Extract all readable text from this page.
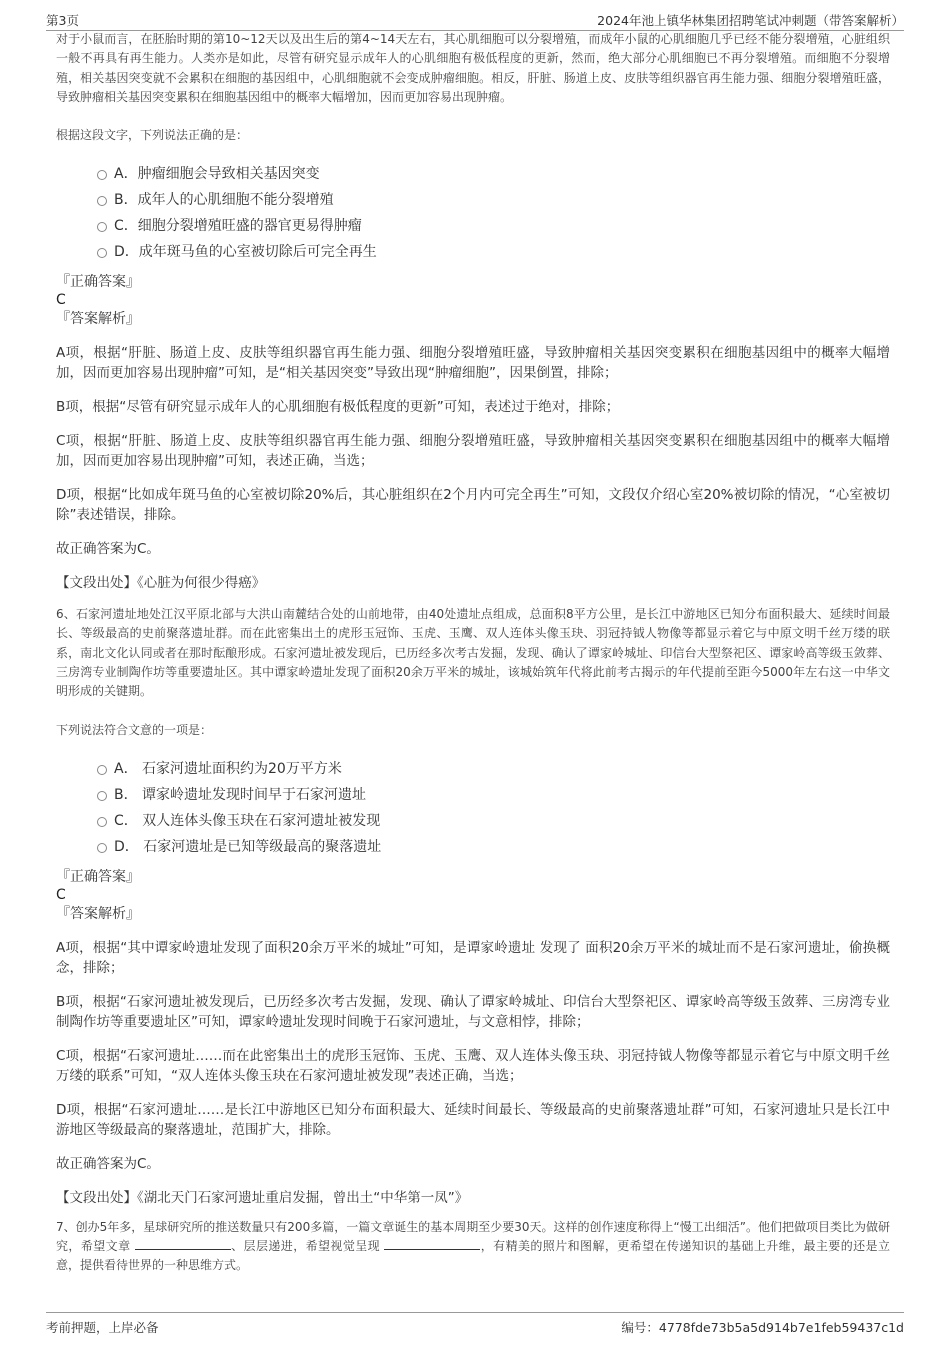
第3页	2024年池上镇华林集团招聘笔试冲刺题（带答案解析）

对于小鼠而言，在胚胎时期的第10~12天以及出生后的第4~14天左右，其心肌细胞可以分裂增殖，而成年小鼠的心肌细胞几乎已经不能分裂增殖，心脏组织一般不再具有再生能力。人类亦是如此，尽管有研究显示成年人的心肌细胞有极低程度的更新，然而，绝大部分心肌细胞已不再分裂增殖。而细胞不分裂增殖，相关基因突变就不会累积在细胞的基因组中，心肌细胞就不会变成肿瘤细胞。相反，肝脏、肠道上皮、皮肤等组织器官再生能力强、细胞分裂增殖旺盛，导致肿瘤相关基因突变累积在细胞基因组中的概率大幅增加，因而更加容易出现肿瘤。

根据这段文字，下列说法正确的是：

A．肿瘤细胞会导致相关基因突变
B．成年人的心肌细胞不能分裂增殖
C．细胞分裂增殖旺盛的器官更易得肿瘤
D．成年斑马鱼的心室被切除后可完全再生
『正确答案』
C
『答案解析』

A项，根据“肝脏、肠道上皮、皮肤等组织器官再生能力强、细胞分裂增殖旺盛，导致肿瘤相关基因突变累积在细胞基因组中的概率大幅增加，因而更加容易出现肿瘤”可知，是“相关基因突变”导致出现“肿瘤细胞”，因果倒置，排除；

B项，根据“尽管有研究显示成年人的心肌细胞有极低程度的更新”可知，表述过于绝对，排除；

C项，根据“肝脏、肠道上皮、皮肤等组织器官再生能力强、细胞分裂增殖旺盛，导致肿瘤相关基因突变累积在细胞基因组中的概率大幅增加，因而更加容易出现肿瘤”可知，表述正确，当选；

D项，根据“比如成年斑马鱼的心室被切除20%后，其心脏组织在2个月内可完全再生”可知，文段仅介绍心室20%被切除的情况，“心室被切除”表述错误，排除。

故正确答案为C。

【文段出处】《心脏为何很少得癌》

6、石家河遗址地处江汉平原北部与大洪山南麓结合处的山前地带，由40处遗址点组成，总面积8平方公里，是长江中游地区已知分布面积最大、延续时间最长、等级最高的史前聚落遗址群。而在此密集出土的虎形玉冠饰、玉虎、玉鹰、双人连体头像玉玦、羽冠持钺人物像等都显示着它与中原文明千丝万缕的联系，南北文化认同或者在那时酝酿形成。石家河遗址被发现后，已历经多次考古发掘，发现、确认了谭家岭城址、印信台大型祭祀区、谭家岭高等级玉敛葬、三房湾专业制陶作坊等重要遗址区。其中谭家岭遗址发现了面积20余万平米的城址，该城始筑年代将此前考古揭示的年代提前至距今5000年左右这一中华文明形成的关键期。

下列说法符合文意的一项是：

A． 石家河遗址面积约为20万平方米
B． 谭家岭遗址发现时间早于石家河遗址
C． 双人连体头像玉玦在石家河遗址被发现
D． 石家河遗址是已知等级最高的聚落遗址
『正确答案』
C
『答案解析』

A项，根据“其中谭家岭遗址发现了面积20余万平米的城址”可知，是谭家岭遗址 发现了 面积20余万平米的城址而不是石家河遗址，偷换概念，排除；

B项，根据“石家河遗址被发现后，已历经多次考古发掘，发现、确认了谭家岭城址、印信台大型祭祀区、谭家岭高等级玉敛葬、三房湾专业制陶作坊等重要遗址区”可知，谭家岭遗址发现时间晚于石家河遗址，与文意相悖，排除；

C项，根据“石家河遗址……而在此密集出土的虎形玉冠饰、玉虎、玉鹰、双人连体头像玉玦、羽冠持钺人物像等都显示着它与中原文明千丝万缕的联系”可知，“双人连体头像玉玦在石家河遗址被发现”表述正确，当选；

D项，根据“石家河遗址……是长江中游地区已知分布面积最大、延续时间最长、等级最高的史前聚落遗址群”可知，石家河遗址只是长江中游地区等级最高的聚落遗址，范围扩大，排除。

故正确答案为C。

【文段出处】《湖北天门石家河遗址重启发掘，曾出土“中华第一凤”》

7、创办5年多，星球研究所的推送数量只有200多篇，一篇文章诞生的基本周期至少要30天。这样的创作速度称得上“慢工出细活”。他们把做项目类比为做研究，希望文章	、层层递进，希望视觉呈现	，有精美的照片和图解，更希望在传递知识的基础上升维，最主要的还是立意，提供看待世界的一种思维方式。

考前押题，上岸必备	编号：4778fde73b5a5d914b7e1feb59437c1d
